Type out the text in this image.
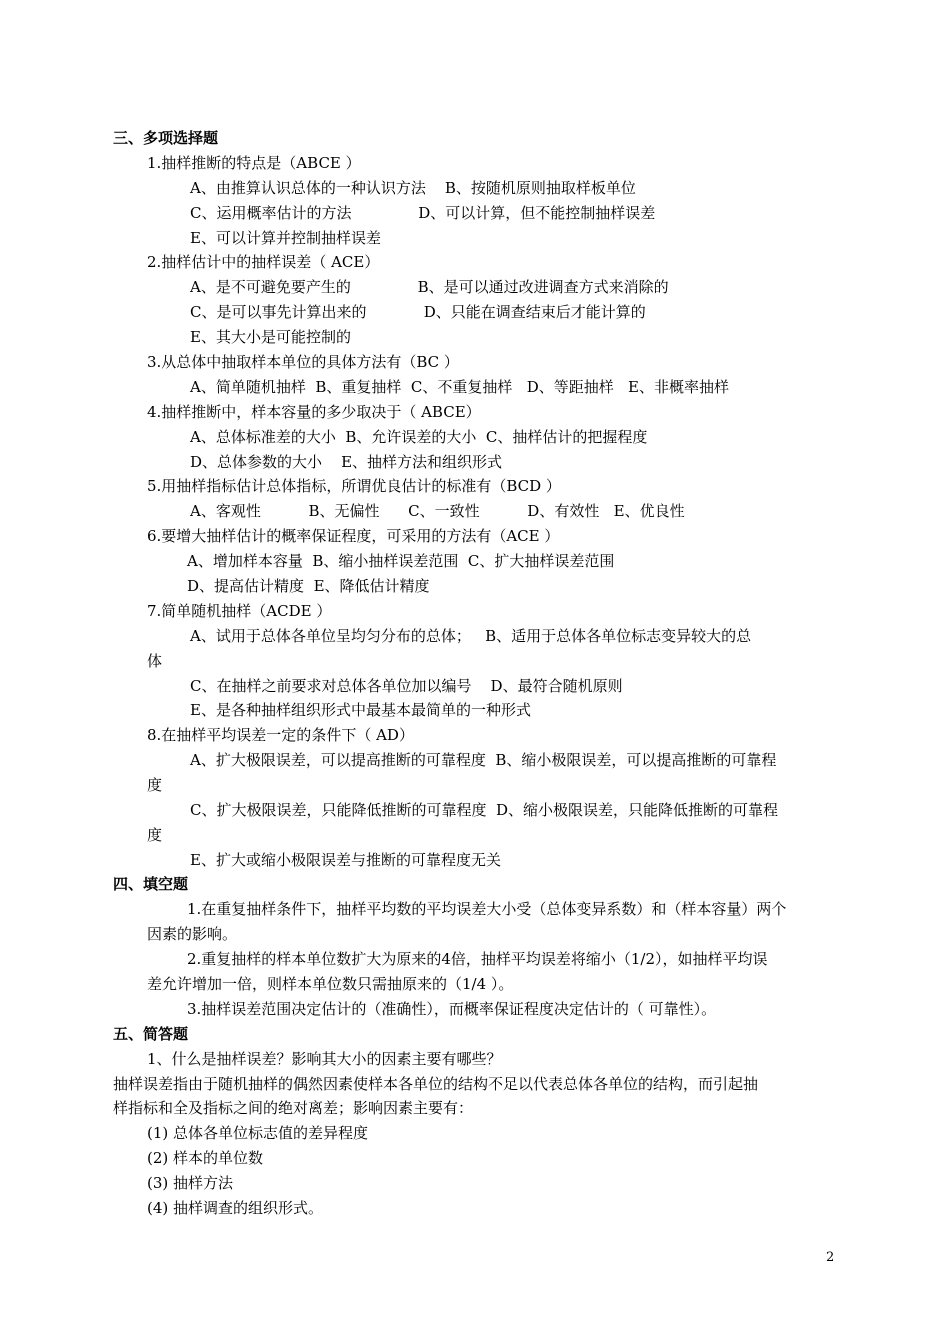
三、多项选择题
1.抽样推断的特点是（ABCE ）
A、由推算认识总体的一种认识方法    B、按随机原则抽取样板单位
C、运用概率估计的方法              D、可以计算，但不能控制抽样误差
E、可以计算并控制抽样误差
2.抽样估计中的抽样误差（ ACE）
A、是不可避免要产生的              B、是可以通过改进调查方式来消除的
C、是可以事先计算出来的            D、只能在调查结束后才能计算的
E、其大小是可能控制的
3.从总体中抽取样本单位的具体方法有（BC ）
A、简单随机抽样  B、重复抽样  C、不重复抽样   D、等距抽样   E、非概率抽样
4.抽样推断中，样本容量的多少取决于（ ABCE）
A、总体标准差的大小  B、允许误差的大小  C、抽样估计的把握程度
D、总体参数的大小    E、抽样方法和组织形式
5.用抽样指标估计总体指标，所谓优良估计的标准有（BCD ）
A、客观性          B、无偏性      C、一致性          D、有效性   E、优良性
6.要增大抽样估计的概率保证程度，可采用的方法有（ACE ）
A、增加样本容量  B、缩小抽样误差范围  C、扩大抽样误差范围
D、提高估计精度  E、降低估计精度
7.简单随机抽样（ACDE ）
A、试用于总体各单位呈均匀分布的总体；   B、适用于总体各单位标志变异较大的总
体
C、在抽样之前要求对总体各单位加以编号    D、最符合随机原则
E、是各种抽样组织形式中最基本最简单的一种形式
8.在抽样平均误差一定的条件下（ AD）
A、扩大极限误差，可以提高推断的可靠程度  B、缩小极限误差，可以提高推断的可靠程
度
C、扩大极限误差，只能降低推断的可靠程度  D、缩小极限误差，只能降低推断的可靠程
度
E、扩大或缩小极限误差与推断的可靠程度无关
四、填空题
1.在重复抽样条件下，抽样平均数的平均误差大小受（总体变异系数）和（样本容量）两个
因素的影响。
2.重复抽样的样本单位数扩大为原来的4倍，抽样平均误差将缩小（1/2），如抽样平均误
差允许增加一倍，则样本单位数只需抽原来的（1/4 ）。
3.抽样误差范围决定估计的（准确性），而概率保证程度决定估计的（ 可靠性）。
五、简答题
1、什么是抽样误差？影响其大小的因素主要有哪些？
抽样误差指由于随机抽样的偶然因素使样本各单位的结构不足以代表总体各单位的结构，而引起抽
样指标和全及指标之间的绝对离差；影响因素主要有：
(1) 总体各单位标志值的差异程度
(2) 样本的单位数
(3) 抽样方法
(4) 抽样调查的组织形式。
2
